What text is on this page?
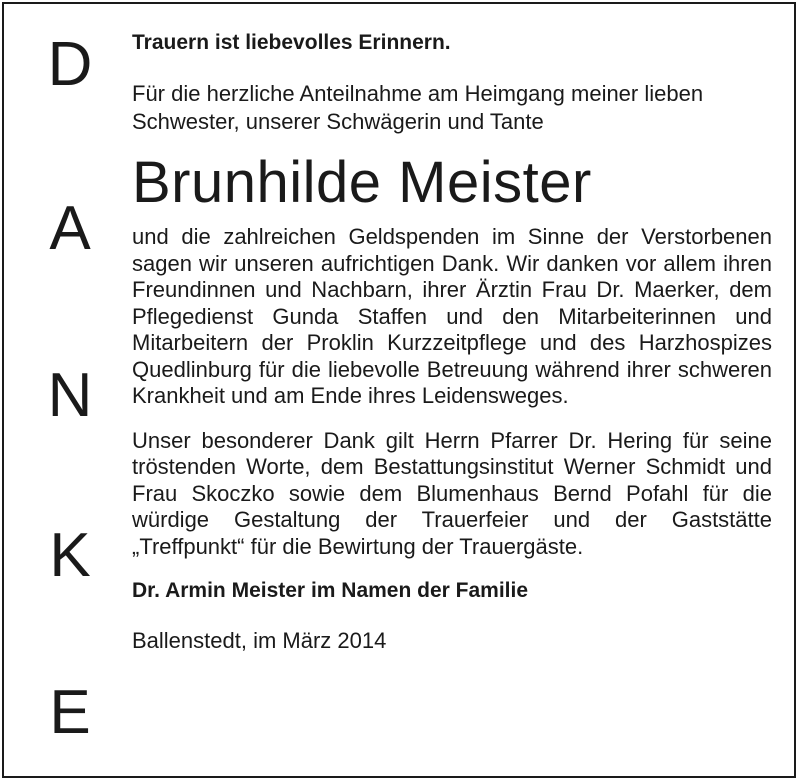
D
A
N
K
E

Trauern ist liebevolles Erinnern.

Für die herzliche Anteilnahme am Heimgang meiner lieben Schwester, unserer Schwägerin und Tante

Brunhilde Meister

und die zahlreichen Geldspenden im Sinne der Verstorbenen sagen wir unseren aufrichtigen Dank. Wir danken vor allem ihren Freundinnen und Nachbarn, ihrer Ärztin Frau Dr. Maerker, dem Pflegedienst Gunda Staffen und den Mitarbeiterinnen und Mitarbeitern der Proklin Kurzzeitpflege und des Harzhospizes Quedlinburg für die liebevolle Betreuung während ihrer schweren Krankheit und am Ende ihres Leidensweges.

Unser besonderer Dank gilt Herrn Pfarrer Dr. Hering für seine tröstenden Worte, dem Bestattungsinstitut Werner Schmidt und Frau Skoczko sowie dem Blumenhaus Bernd Pofahl für die würdige Gestaltung der Trauerfeier und der Gaststätte „Treffpunkt“ für die Bewirtung der Trauergäste.

Dr. Armin Meister im Namen der Familie

Ballenstedt, im März 2014
